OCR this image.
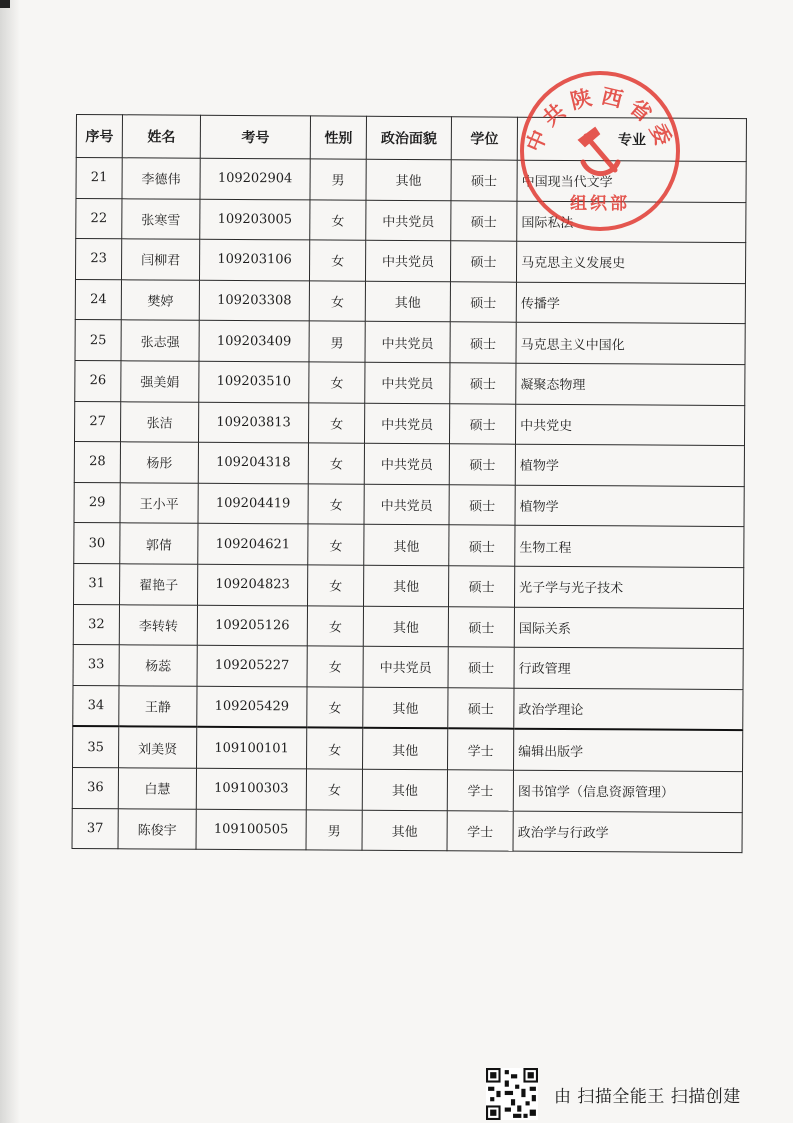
序号	姓名	考号	性别	政治面貌	学位	专业
21	李德伟	109202904	男	其他	硕士	中国现当代文学
22	张寒雪	109203005	女	中共党员	硕士	国际私法
23	闫柳君	109203106	女	中共党员	硕士	马克思主义发展史
24	樊婷	109203308	女	其他	硕士	传播学
25	张志强	109203409	男	中共党员	硕士	马克思主义中国化
26	强美娟	109203510	女	中共党员	硕士	凝聚态物理
27	张洁	109203813	女	中共党员	硕士	中共党史
28	杨彤	109204318	女	中共党员	硕士	植物学
29	王小平	109204419	女	中共党员	硕士	植物学
30	郭倩	109204621	女	其他	硕士	生物工程
31	翟艳子	109204823	女	其他	硕士	光子学与光子技术
32	李转转	109205126	女	其他	硕士	国际关系
33	杨蕊	109205227	女	中共党员	硕士	行政管理
34	王静	109205429	女	其他	硕士	政治学理论
35	刘美贤	109100101	女	其他	学士	编辑出版学
36	白慧	109100303	女	其他	学士	图书馆学（信息资源管理）
37	陈俊宇	109100505	男	其他	学士	政治学与行政学
中共陕西省委
组织部
由 扫描全能王 扫描创建
